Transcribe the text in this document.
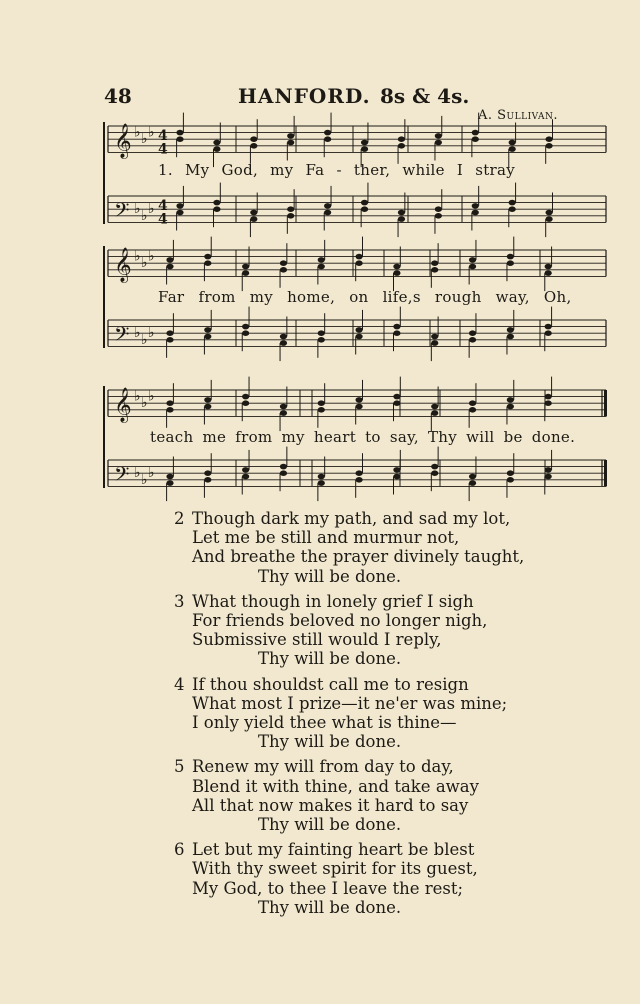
48	HANFORD. 8s & 4s.
A. Sullivan.
𝄞 ♭ ♭ ♭ 4
4
𝄢 ♭ ♭ ♭ 4
4
𝄞 ♭ ♭ ♭
𝄢 ♭ ♭ ♭
𝄞 ♭ ♭ ♭
𝄢 ♭ ♭ ♭
1. My God, my Fa - ther, while I stray
Far from my home, on life,s rough way, Oh,
teach me from my heart to say, Thy will be done.
2 Though dark my path, and sad my lot,
Let me be still and murmur not,
And breathe the prayer divinely taught,
Thy will be done.
3 What though in lonely grief I sigh
For friends beloved no longer nigh,
Submissive still would I reply,
Thy will be done.
4 If thou shouldst call me to resign
What most I prize—it ne'er was mine;
I only yield thee what is thine—
Thy will be done.
5 Renew my will from day to day,
Blend it with thine, and take away
All that now makes it hard to say
Thy will be done.
6 Let but my fainting heart be blest
With thy sweet spirit for its guest,
My God, to thee I leave the rest;
Thy will be done.
